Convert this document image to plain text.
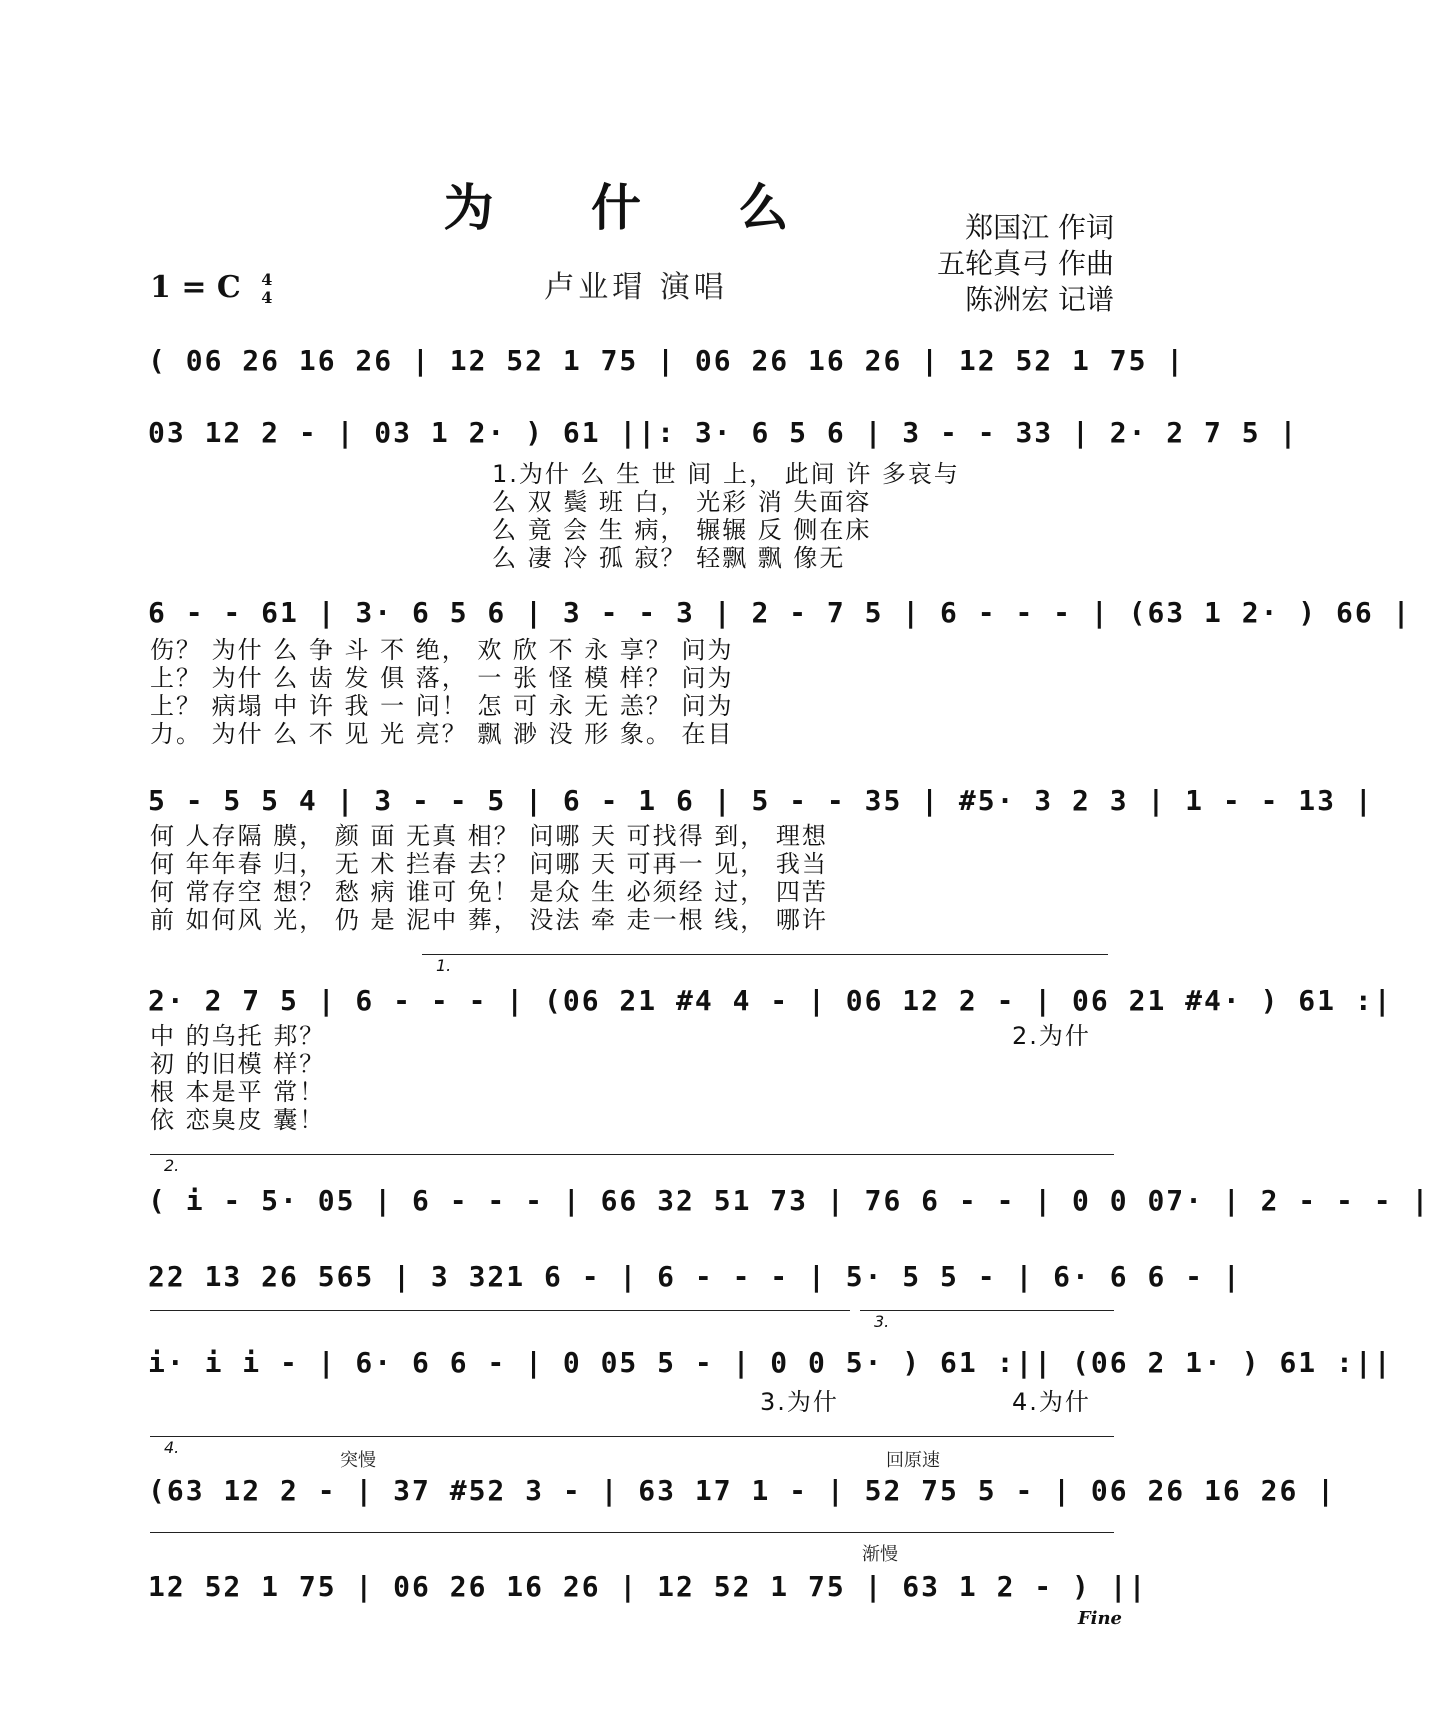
为 什 么
卢业瑁 演唱
郑国江 作词
五轮真弓 作曲
陈洲宏 记谱
1 = C 4
4
( 06 26 16 26 | 12 52 1 75 | 06 26 16 26 | 12 52 1 75 |
03 12 2 - | 03 1 2· ) 61 ||: 3· 6 5 6 | 3 - - 33 | 2· 2 7 5 |
1.为什 么 生 世 间 上， 此间 许 多哀与
么 双 鬓 班 白， 光彩 消 失面容
么 竟 会 生 病， 辗辗 反 侧在床
么 凄 冷 孤 寂？ 轻飘 飘 像无
6 - - 61 | 3· 6 5 6 | 3 - - 3 | 2 - 7 5 | 6 - - - | (63 1 2· ) 66 |
伤？ 为什 么 争 斗 不 绝， 欢 欣 不 永 享？ 问为
上？ 为什 么 齿 发 俱 落， 一 张 怪 模 样？ 问为
上？ 病塌 中 许 我 一 问！ 怎 可 永 无 恙？ 问为
力。 为什 么 不 见 光 亮？ 飘 渺 没 形 象。 在目
5 - 5 5 4 | 3 - - 5 | 6 - 1 6 | 5 - - 35 | #5· 3 2 3 | 1 - - 13 |
何 人存隔 膜， 颜 面 无真 相？ 问哪 天 可找得 到， 理想
何 年年春 归， 无 术 拦春 去？ 问哪 天 可再一 见， 我当
何 常存空 想？ 愁 病 谁可 免！ 是众 生 必须经 过， 四苦
前 如何风 光， 仍 是 泥中 葬， 没法 牵 走一根 线， 哪许
1.
2· 2 7 5 | 6 - - - | (06 21 #4 4 - | 06 12 2 - | 06 21 #4· ) 61 :|
中 的乌托 邦？
初 的旧模 样？
根 本是平 常！
依 恋臭皮 囊！
2.为什
2.
( i - 5· 05 | 6 - - - | 66 32 51 73 | 76 6 - - | 0 0 07· | 2 - - - |
22 13 26 565 | 3 321 6 - | 6 - - - | 5· 5 5 - | 6· 6 6 - |
3.
i· i i - | 6· 6 6 - | 0 05 5 - | 0 0 5· ) 61 :|| (06 2 1· ) 61 :||
3.为什	4.为什
4.
突慢	回原速
(63 12 2 - | 37 #52 3 - | 63 17 1 - | 52 75 5 - | 06 26 16 26 |
渐慢
12 52 1 75 | 06 26 16 26 | 12 52 1 75 | 63 1 2 - ) ||
Fine
